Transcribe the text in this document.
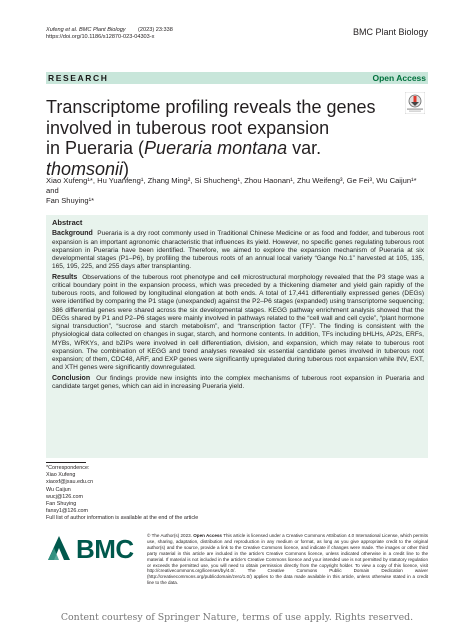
Xufeng et al. BMC Plant Biology (2023) 23:338
https://doi.org/10.1186/s12870-023-04303-x
BMC Plant Biology
RESEARCH	Open Access
Transcriptome profiling reveals the genes
involved in tuberous root expansion
in Pueraria (Pueraria montana var. thomsonii)
Xiao Xufeng¹*, Hu Yuanfeng¹, Zhang Ming², Si Shucheng¹, Zhou Haonan¹, Zhu Weifeng³, Ge Fei³, Wu Caijun¹* and
Fan Shuying¹*
Abstract

Background Pueraria is a dry root commonly used in Traditional Chinese Medicine or as food and fodder, and tuberous root expansion is an important agronomic characteristic that influences its yield. However, no specific genes regulating tuberous root expansion in Pueraria have been identified. Therefore, we aimed to explore the expansion mechanism of Pueraria at six developmental stages (P1–P6), by profiling the tuberous roots of an annual local variety “Gange No.1” harvested at 105, 135, 165, 195, 225, and 255 days after transplanting.

Results Observations of the tuberous root phenotype and cell microstructural morphology revealed that the P3 stage was a critical boundary point in the expansion process, which was preceded by a thickening diameter and yield gain rapidly of the tuberous roots, and followed by longitudinal elongation at both ends. A total of 17,441 differentially expressed genes (DEGs) were identified by comparing the P1 stage (unexpanded) against the P2–P6 stages (expanded) using transcriptome sequencing; 386 differential genes were shared across the six developmental stages. KEGG pathway enrichment analysis showed that the DEGs shared by P1 and P2–P6 stages were mainly involved in pathways related to the “cell wall and cell cycle”, “plant hormone signal transduction”, “sucrose and starch metabolism”, and “transcription factor (TF)”. The finding is consistent with the physiological data collected on changes in sugar, starch, and hormone contents. In addition, TFs including bHLHs, AP2s, ERFs, MYBs, WRKYs, and bZIPs were involved in cell differentiation, division, and expansion, which may relate to tuberous root expansion. The combination of KEGG and trend analyses revealed six essential candidate genes involved in tuberous root expansion; of them, CDC48, ARF, and EXP genes were significantly upregulated during tuberous root expansion while INV, EXT, and XTH genes were significantly downregulated.

Conclusion Our findings provide new insights into the complex mechanisms of tuberous root expansion in Pueraria and candidate target genes, which can aid in increasing Pueraria yield.

*Correspondence:
Xiao Xufeng
xiaoxf@jxau.edu.cn
Wu Caijun
wucj@126.com
Fan Shuying
fansy1@126.com
Full list of author information is available at the end of the article
BMC	© The Author(s) 2023. Open Access This article is licensed under a Creative Commons Attribution 4.0 International License, which permits use, sharing, adaptation, distribution and reproduction in any medium or format, as long as you give appropriate credit to the original author(s) and the source, provide a link to the Creative Commons licence, and indicate if changes were made. The images or other third party material in this article are included in the article’s Creative Commons licence, unless indicated otherwise in a credit line to the material. If material is not included in the article’s Creative Commons licence and your intended use is not permitted by statutory regulation or exceeds the permitted use, you will need to obtain permission directly from the copyright holder. To view a copy of this licence, visit http://creativecommons.org/licenses/by/4.0/. The Creative Commons Public Domain Dedication waiver (http://creativecommons.org/publicdomain/zero/1.0/) applies to the data made available in this article, unless otherwise stated in a credit line to the data.
Content courtesy of Springer Nature, terms of use apply. Rights reserved.
